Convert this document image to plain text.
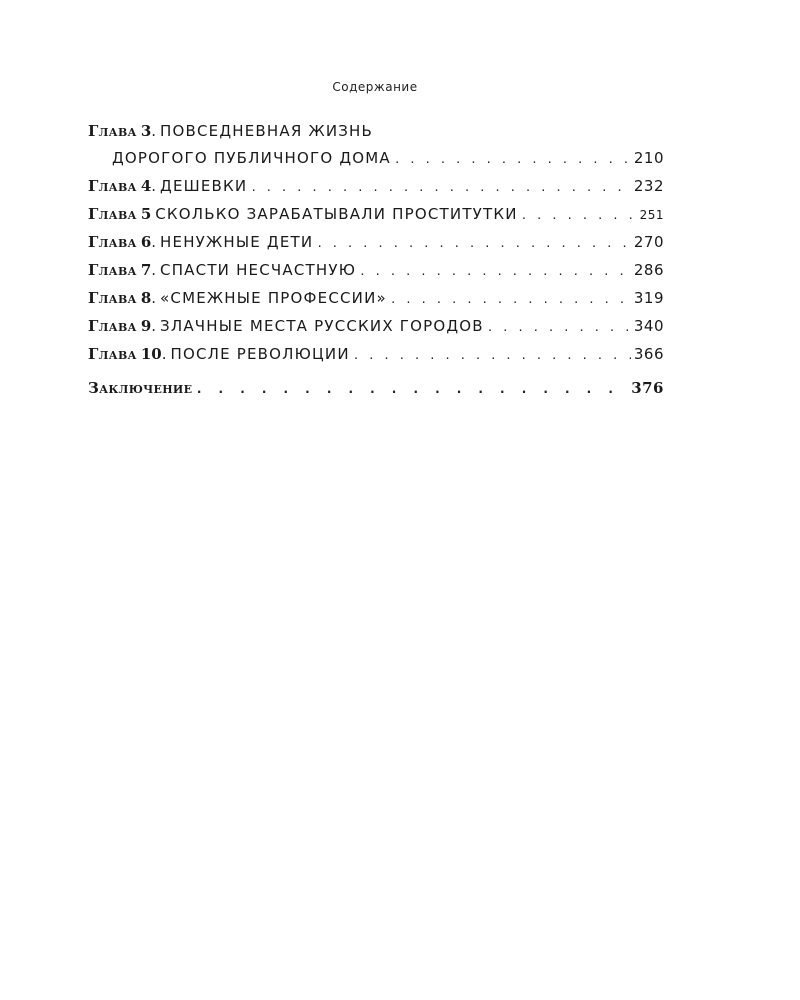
Содержание
Глава
3 . ПОВСЕДНЕВНАЯ ЖИЗНЬ
ДОРОГОГО ПУБЛИЧНОГО ДОМА . . .	210
Глава
4 . ДЕШЕВКИ . . .	232
Глава
5 СКОЛЬКО ЗАРАБАТЫВАЛИ ПРОСТИТУТКИ . . .	251
Глава
6 . НЕНУЖНЫЕ ДЕТИ . . .	270
Глава
7 . СПАСТИ НЕСЧАСТНУЮ . . .	286
Глава
8 . «СМЕЖНЫЕ ПРОФЕССИИ» . . .	319
Глава
9 . ЗЛАЧНЫЕ МЕСТА РУССКИХ ГОРОДОВ . . .	340
Глава
10 . ПОСЛЕ РЕВОЛЮЦИИ . . .	366
Заключение . . .	376
